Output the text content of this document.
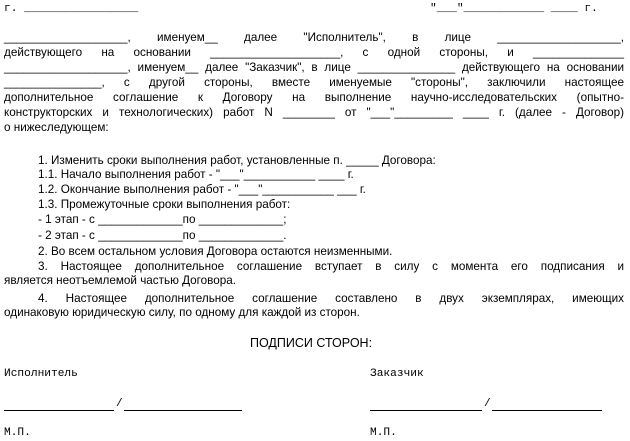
г. _________________	"___"____________ ____ г.
___________________, именуем__ далее "Исполнитель", в лице ___________________,
действующего на основании ____________________, с одной стороны, и ______________
___________________, именуем__ далее "Заказчик", в лице _______________ действующего на основании
_______________, с другой стороны, вместе именуемые "стороны", заключили настоящее
дополнительное соглашение к Договору на выполнение научно-исследовательских (опытно-
конструкторских и технологических) работ N ________ от "___"_________ ____ г. (далее - Договор)
о нижеследующем:
1. Изменить сроки выполнения работ, установленные п. _____ Договора:
1.1. Начало выполнения работ - "___"___________ ____ г.
1.2. Окончание выполнения работ - "___"___________ ___ г.
1.3. Промежуточные сроки выполнения работ:
- 1 этап - с _____________по _____________;
- 2 этап - с _____________по _____________.
2. Во всем остальном условия Договора остаются неизменными.
3. Настоящее дополнительное соглашение вступает в силу с момента его подписания и
является неотъемлемой частью Договора.
4. Настоящее дополнительное соглашение составлено в двух экземплярах, имеющих
одинаковую юридическую силу, по одному для каждой из сторон.
ПОДПИСИ СТОРОН:
Исполнитель	Заказчик
/	/
М.П.	М.П.
